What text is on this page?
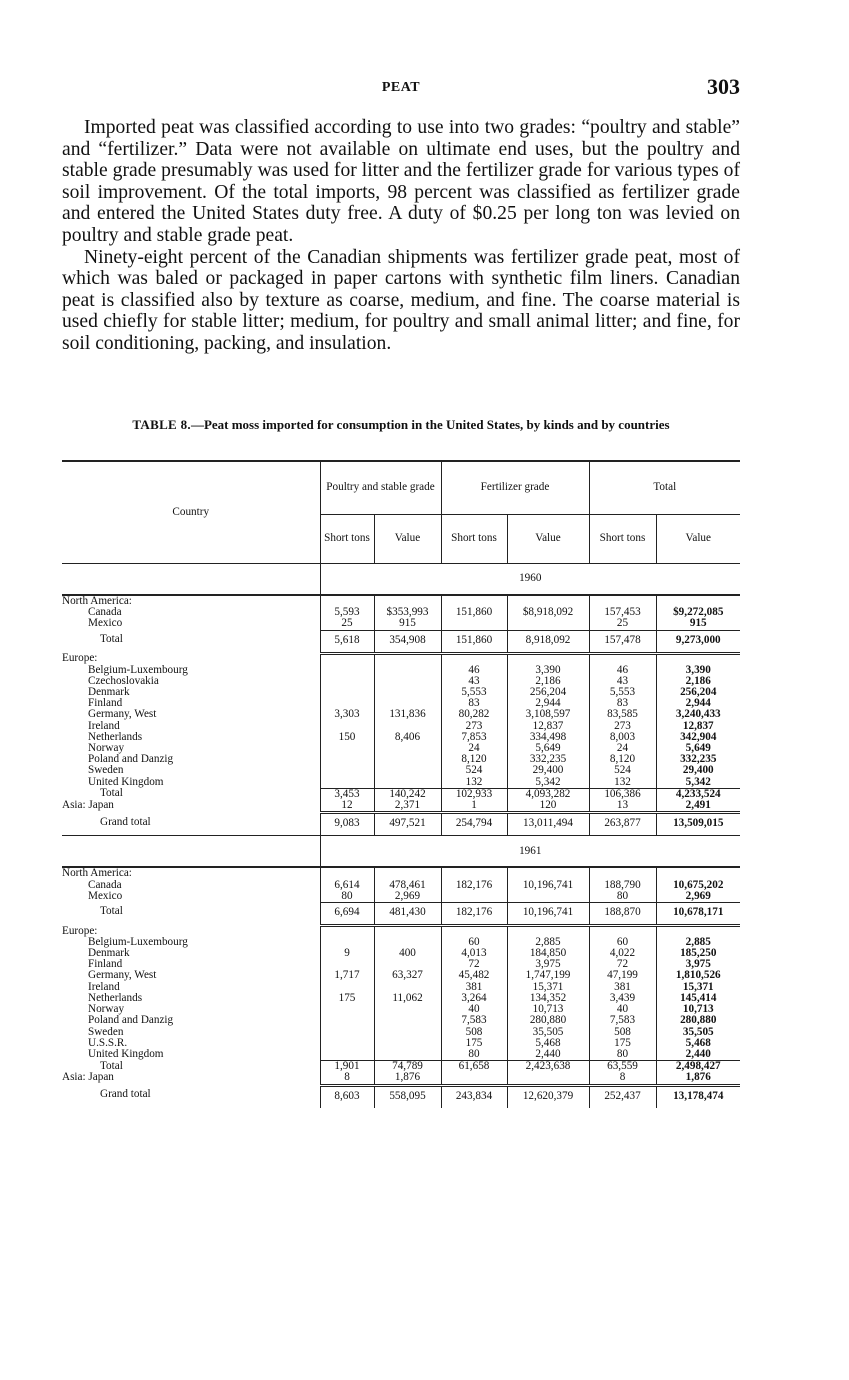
PEAT	303

Imported peat was classified according to use into two grades: “poultry and stable” and “fertilizer.” Data were not available on ultimate end uses, but the poultry and stable grade presumably was used for litter and the fertilizer grade for various types of soil improvement. Of the total imports, 98 percent was classified as fertilizer grade and entered the United States duty free. A duty of $0.25 per long ton was levied on poultry and stable grade peat.

Ninety-eight percent of the Canadian shipments was fertilizer grade peat, most of which was baled or packaged in paper cartons with synthetic film liners. Canadian peat is classified also by texture as coarse, medium, and fine. The coarse material is used chiefly for stable litter; medium, for poultry and small animal litter; and fine, for soil conditioning, packing, and insulation.

TABLE 8.—Peat moss imported for consumption in the United States, by kinds and by countries
Country	Poultry and stable grade		Fertilizer grade		Total	
	Short tons	Value	Short tons	Value	Short tons	Value
	1960					
North America:						
Canada	5,593	$353,993	151,860	$8,918,092	157,453	$9,272,085
Mexico	25	915			25	915
Total	5,618	354,908	151,860	8,918,092	157,478	9,273,000
Europe:						
Belgium-Luxembourg			46	3,390	46	3,390
Czechoslovakia			43	2,186	43	2,186
Denmark			5,553	256,204	5,553	256,204
Finland			83	2,944	83	2,944
Germany, West	3,303	131,836	80,282	3,108,597	83,585	3,240,433
Ireland			273	12,837	273	12,837
Netherlands	150	8,406	7,853	334,498	8,003	342,904
Norway			24	5,649	24	5,649
Poland and Danzig			8,120	332,235	8,120	332,235
Sweden			524	29,400	524	29,400
United Kingdom			132	5,342	132	5,342
Total	3,453	140,242	102,933	4,093,282	106,386	4,233,524
Asia: Japan	12	2,371	1	120	13	2,491
Grand total	9,083	497,521	254,794	13,011,494	263,877	13,509,015
	1961					
North America:						
Canada	6,614	478,461	182,176	10,196,741	188,790	10,675,202
Mexico	80	2,969			80	2,969
Total	6,694	481,430	182,176	10,196,741	188,870	10,678,171
Europe:						
Belgium-Luxembourg			60	2,885	60	2,885
Denmark	9	400	4,013	184,850	4,022	185,250
Finland			72	3,975	72	3,975
Germany, West	1,717	63,327	45,482	1,747,199	47,199	1,810,526
Ireland			381	15,371	381	15,371
Netherlands	175	11,062	3,264	134,352	3,439	145,414
Norway			40	10,713	40	10,713
Poland and Danzig			7,583	280,880	7,583	280,880
Sweden			508	35,505	508	35,505
U.S.S.R.			175	5,468	175	5,468
United Kingdom			80	2,440	80	2,440
Total	1,901	74,789	61,658	2,423,638	63,559	2,498,427
Asia: Japan	8	1,876			8	1,876
Grand total	8,603	558,095	243,834	12,620,379	252,437	13,178,474
